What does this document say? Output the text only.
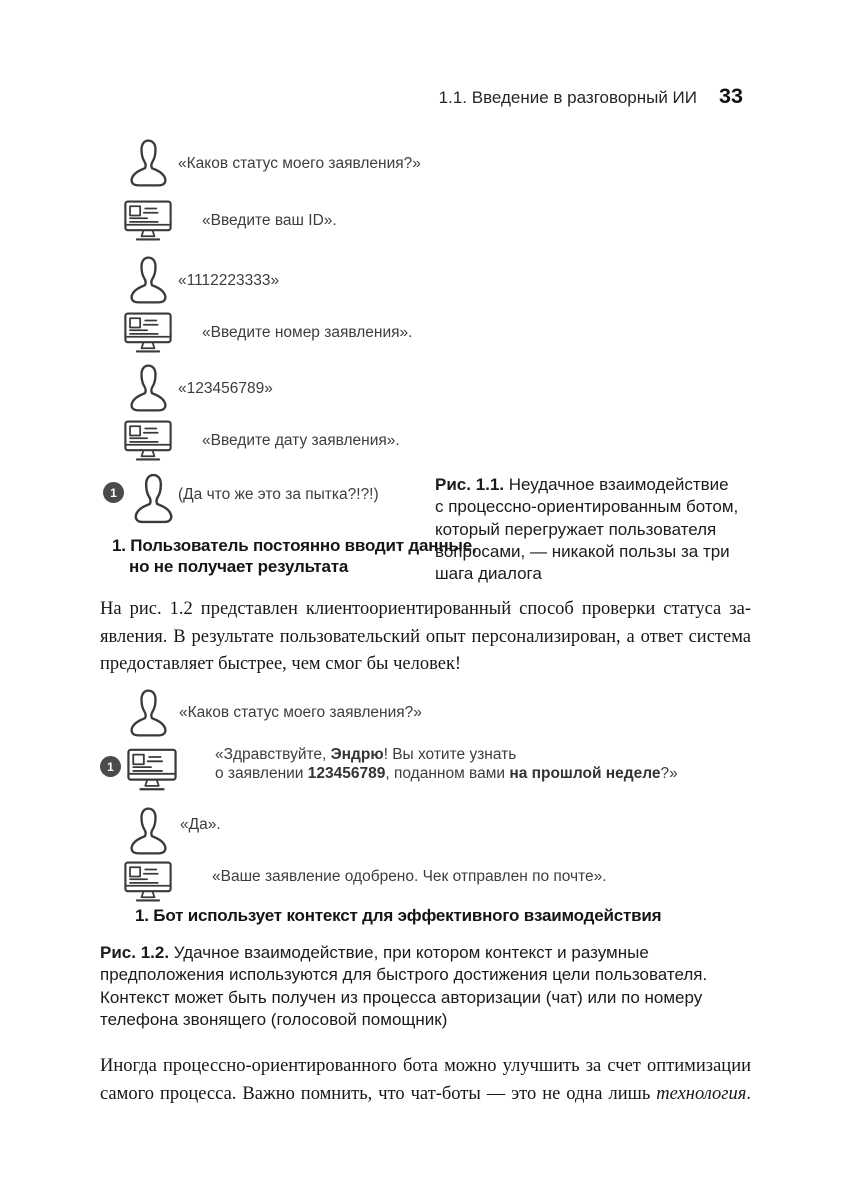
1.1. Введение в разговорный ИИ 33
«Каков статус моего заявления?»
«Введите ваш ID».
«1112223333»
«Введите номер заявления».
«123456789»
«Введите дату заявления».
1	(Да что же это за пытка?!?!)
1. Пользователь постоянно вводит данные,
но не получает результата
Рис. 1.1. Неудачное взаимодействие
с процессно-ориентированным ботом,
который перегружает пользователя
вопросами, — никакой пользы за три
шага диалога
На рис. 1.2 представлен клиентоориентированный способ проверки статуса за-
явления. В результате пользовательский опыт персонализирован, а ответ система
предоставляет быстрее, чем смог бы человек!
«Каков статус моего заявления?»
1
«Здравствуйте, Эндрю! Вы хотите узнать
о заявлении 123456789, поданном вами на прошлой неделе?»
«Да».
«Ваше заявление одобрено. Чек отправлен по почте».
1. Бот использует контекст для эффективного взаимодействия
Рис. 1.2. Удачное взаимодействие, при котором контекст и разумные
предположения используются для быстрого достижения цели пользователя.
Контекст может быть получен из процесса авторизации (чат) или по номеру
телефона звонящего (голосовой помощник)
Иногда процессно-ориентированного бота можно улучшить за счет оптимизации
самого процесса. Важно помнить, что чат-боты — это не одна лишь технология.
